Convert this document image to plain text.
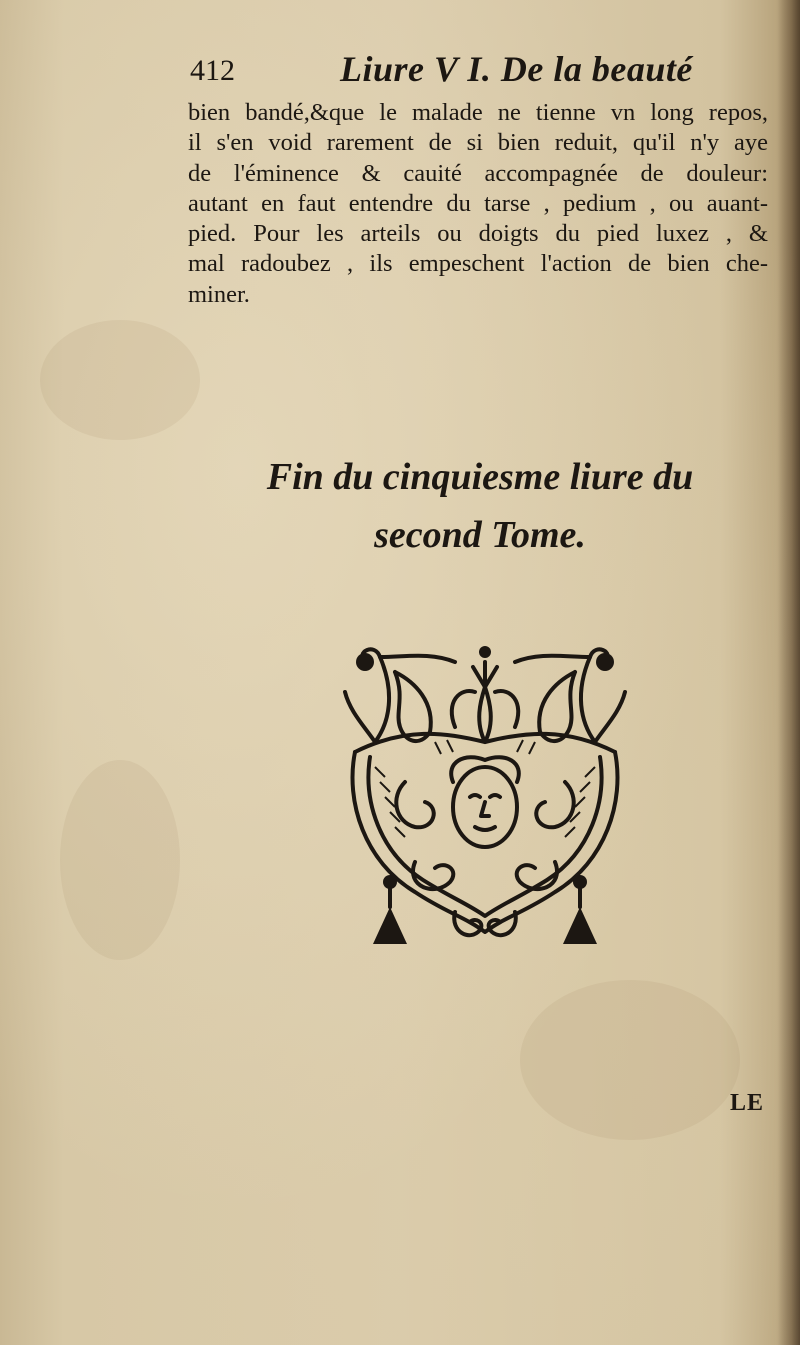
412	Liure V I. De la beauté
bien bandé,&que le malade ne tienne vn long repos,
il s'en void rarement de si bien reduit, qu'il n'y aye
de l'éminence & cauité accompagnée de douleur:
autant en faut entendre du tarse , pedium , ou auant-
pied. Pour les arteils ou doigts du pied luxez , &
mal radoubez , ils empeschent l'action de bien che-
miner.
Fin du cinquiesme liure du
second Tome.
LE
